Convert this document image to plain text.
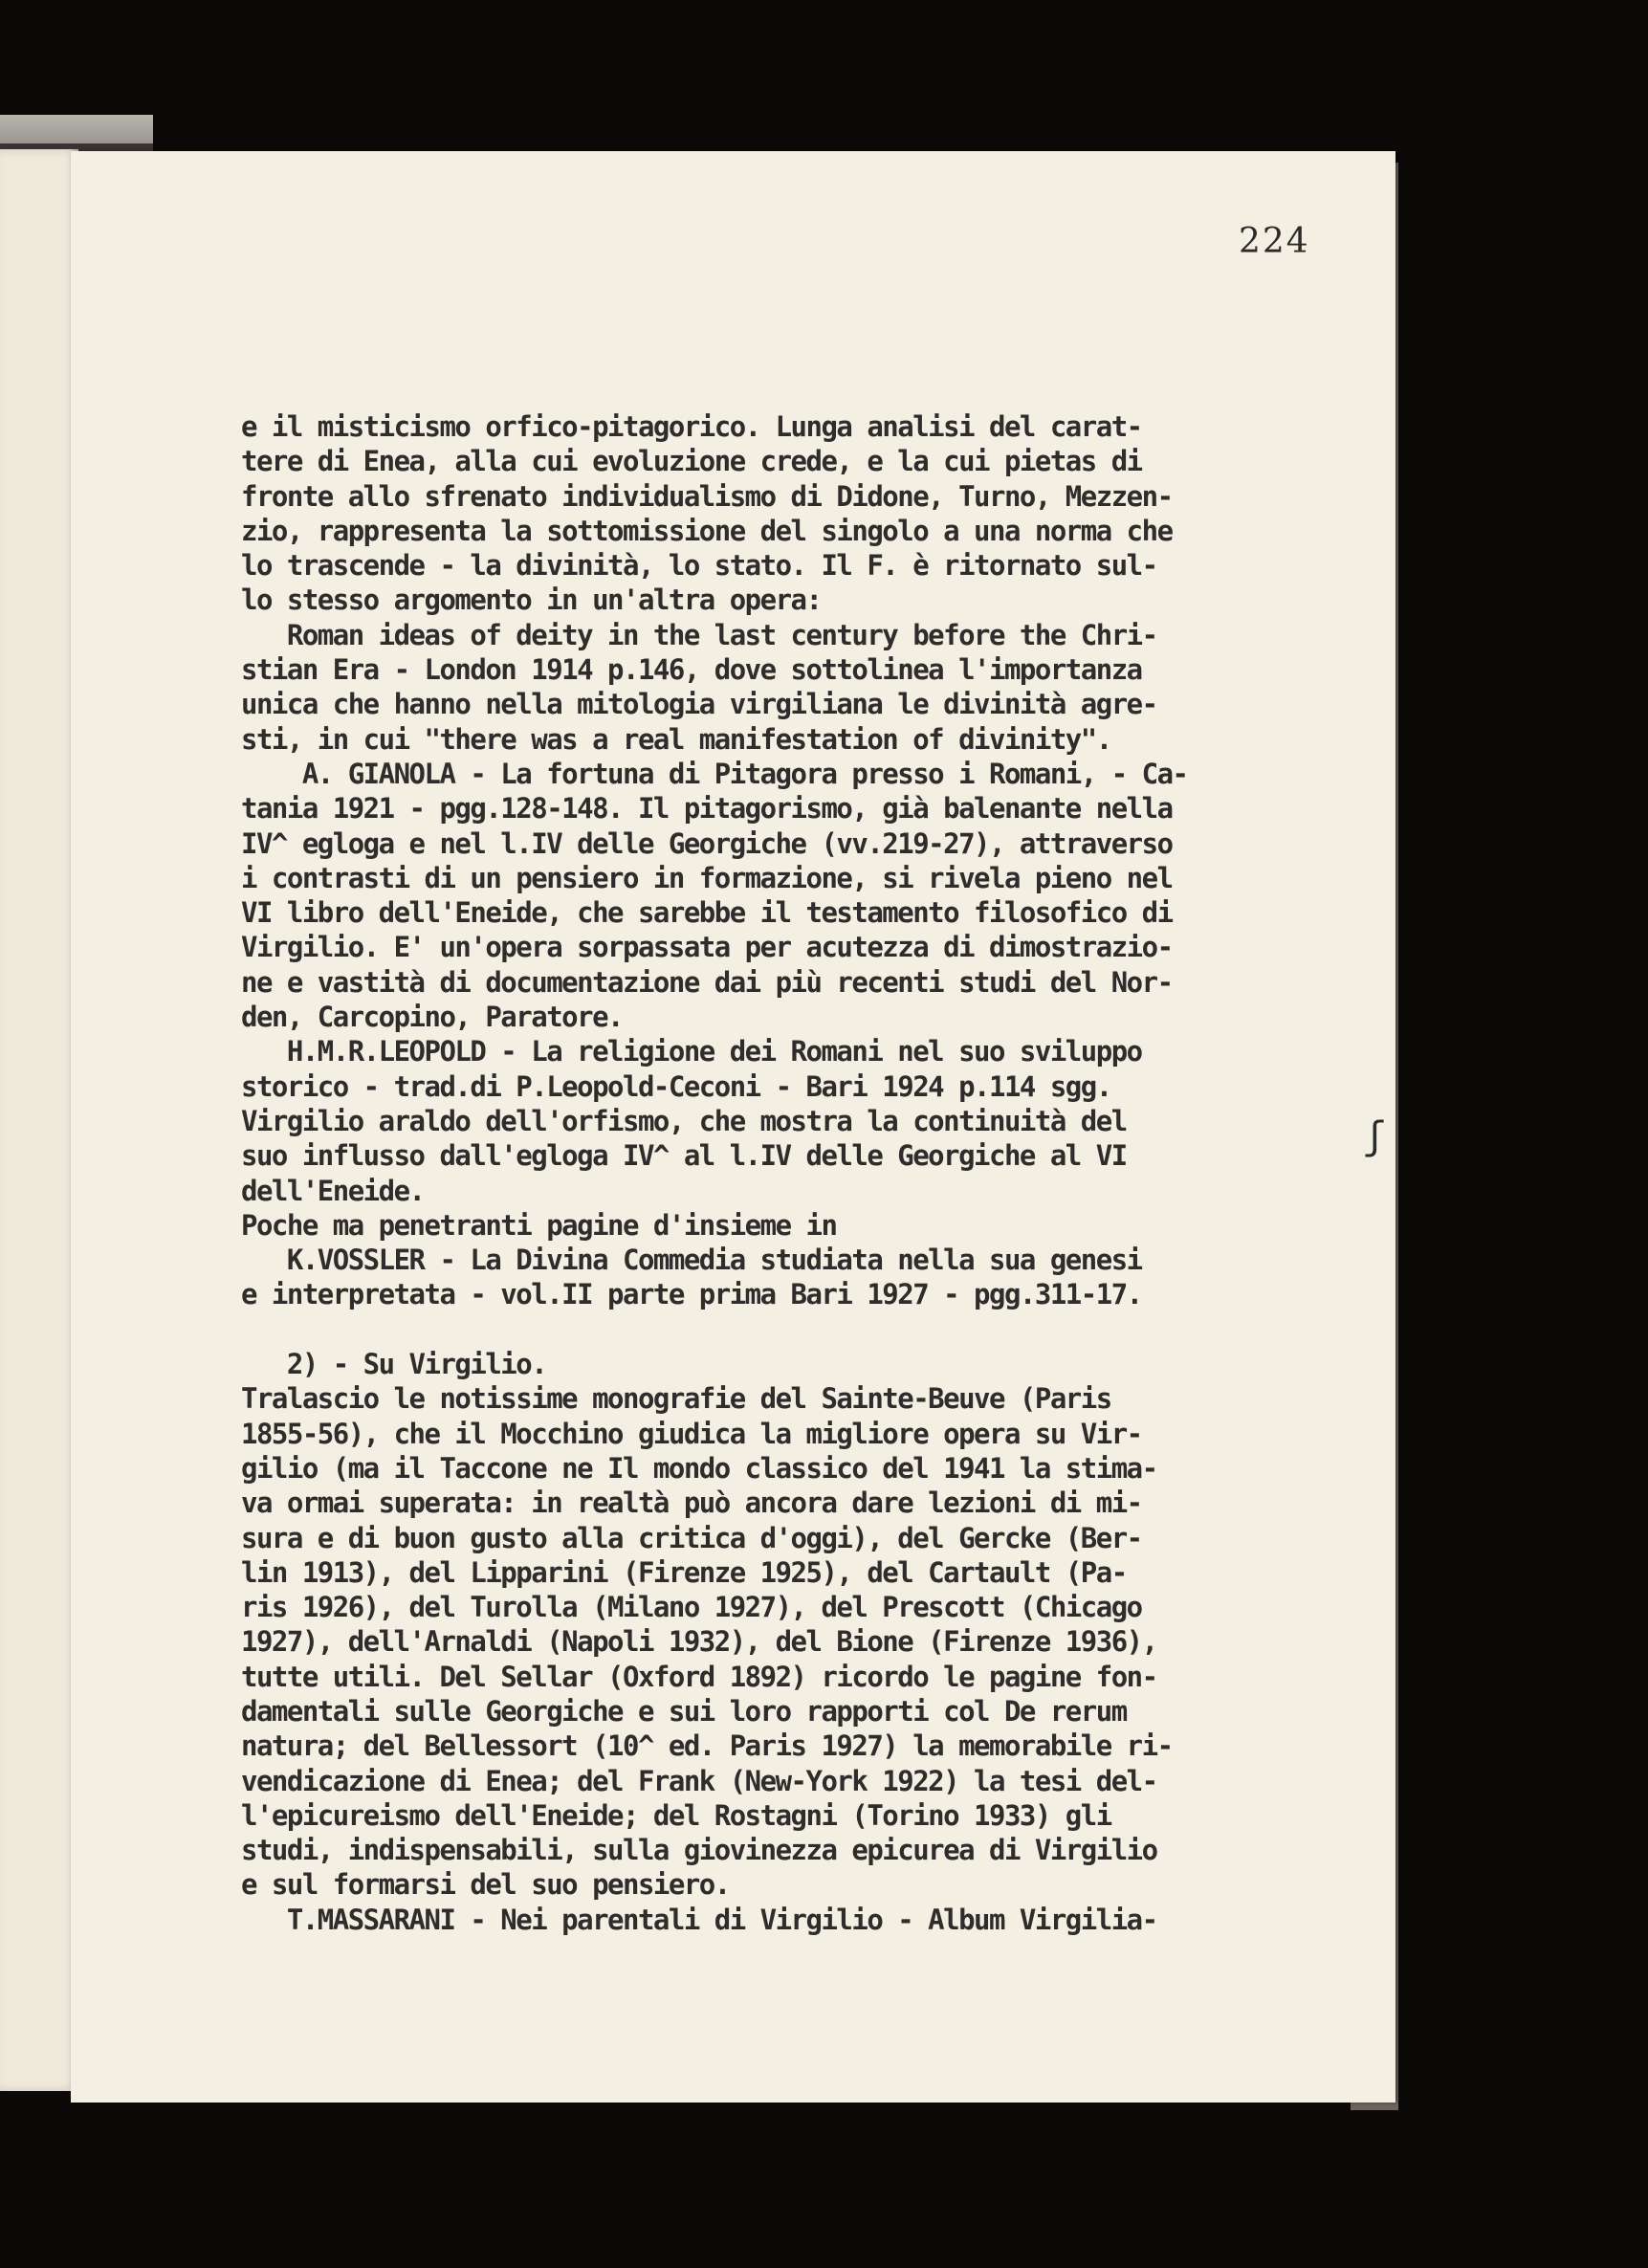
224
ʃ
e il misticismo orfico-pitagorico. Lunga analisi del carat-
tere di Enea, alla cui evoluzione crede, e la cui pietas di
fronte allo sfrenato individualismo di Didone, Turno, Mezzen-
zio, rappresenta la sottomissione del singolo a una norma che
lo trascende - la divinità, lo stato. Il F. è ritornato sul-
lo stesso argomento in un'altra opera:
Roman ideas of deity in the last century before the Chri-
stian Era - London 1914 p.146, dove sottolinea l'importanza
unica che hanno nella mitologia virgiliana le divinità agre-
sti, in cui "there was a real manifestation of divinity".
A. GIANOLA - La fortuna di Pitagora presso i Romani, - Ca-
tania 1921 - pgg.128-148. Il pitagorismo, già balenante nella
IV^ egloga e nel l.IV delle Georgiche (vv.219-27), attraverso
i contrasti di un pensiero in formazione, si rivela pieno nel
VI libro dell'Eneide, che sarebbe il testamento filosofico di
Virgilio. E' un'opera sorpassata per acutezza di dimostrazio-
ne e vastità di documentazione dai più recenti studi del Nor-
den, Carcopino, Paratore.
H.M.R.LEOPOLD - La religione dei Romani nel suo sviluppo
storico - trad.di P.Leopold-Ceconi - Bari 1924 p.114 sgg.
Virgilio araldo dell'orfismo, che mostra la continuità del
suo influsso dall'egloga IV^ al l.IV delle Georgiche al VI
dell'Eneide.
Poche ma penetranti pagine d'insieme in
K.VOSSLER - La Divina Commedia studiata nella sua genesi
e interpretata - vol.II parte prima Bari 1927 - pgg.311-17.
2) - Su Virgilio.
Tralascio le notissime monografie del Sainte-Beuve (Paris
1855-56), che il Mocchino giudica la migliore opera su Vir-
gilio (ma il Taccone ne Il mondo classico del 1941 la stima-
va ormai superata: in realtà può ancora dare lezioni di mi-
sura e di buon gusto alla critica d'oggi), del Gercke (Ber-
lin 1913), del Lipparini (Firenze 1925), del Cartault (Pa-
ris 1926), del Turolla (Milano 1927), del Prescott (Chicago
1927), dell'Arnaldi (Napoli 1932), del Bione (Firenze 1936),
tutte utili. Del Sellar (Oxford 1892) ricordo le pagine fon-
damentali sulle Georgiche e sui loro rapporti col De rerum
natura; del Bellessort (10^ ed. Paris 1927) la memorabile ri-
vendicazione di Enea; del Frank (New-York 1922) la tesi del-
l'epicureismo dell'Eneide; del Rostagni (Torino 1933) gli
studi, indispensabili, sulla giovinezza epicurea di Virgilio
e sul formarsi del suo pensiero.
T.MASSARANI - Nei parentali di Virgilio - Album Virgilia-
